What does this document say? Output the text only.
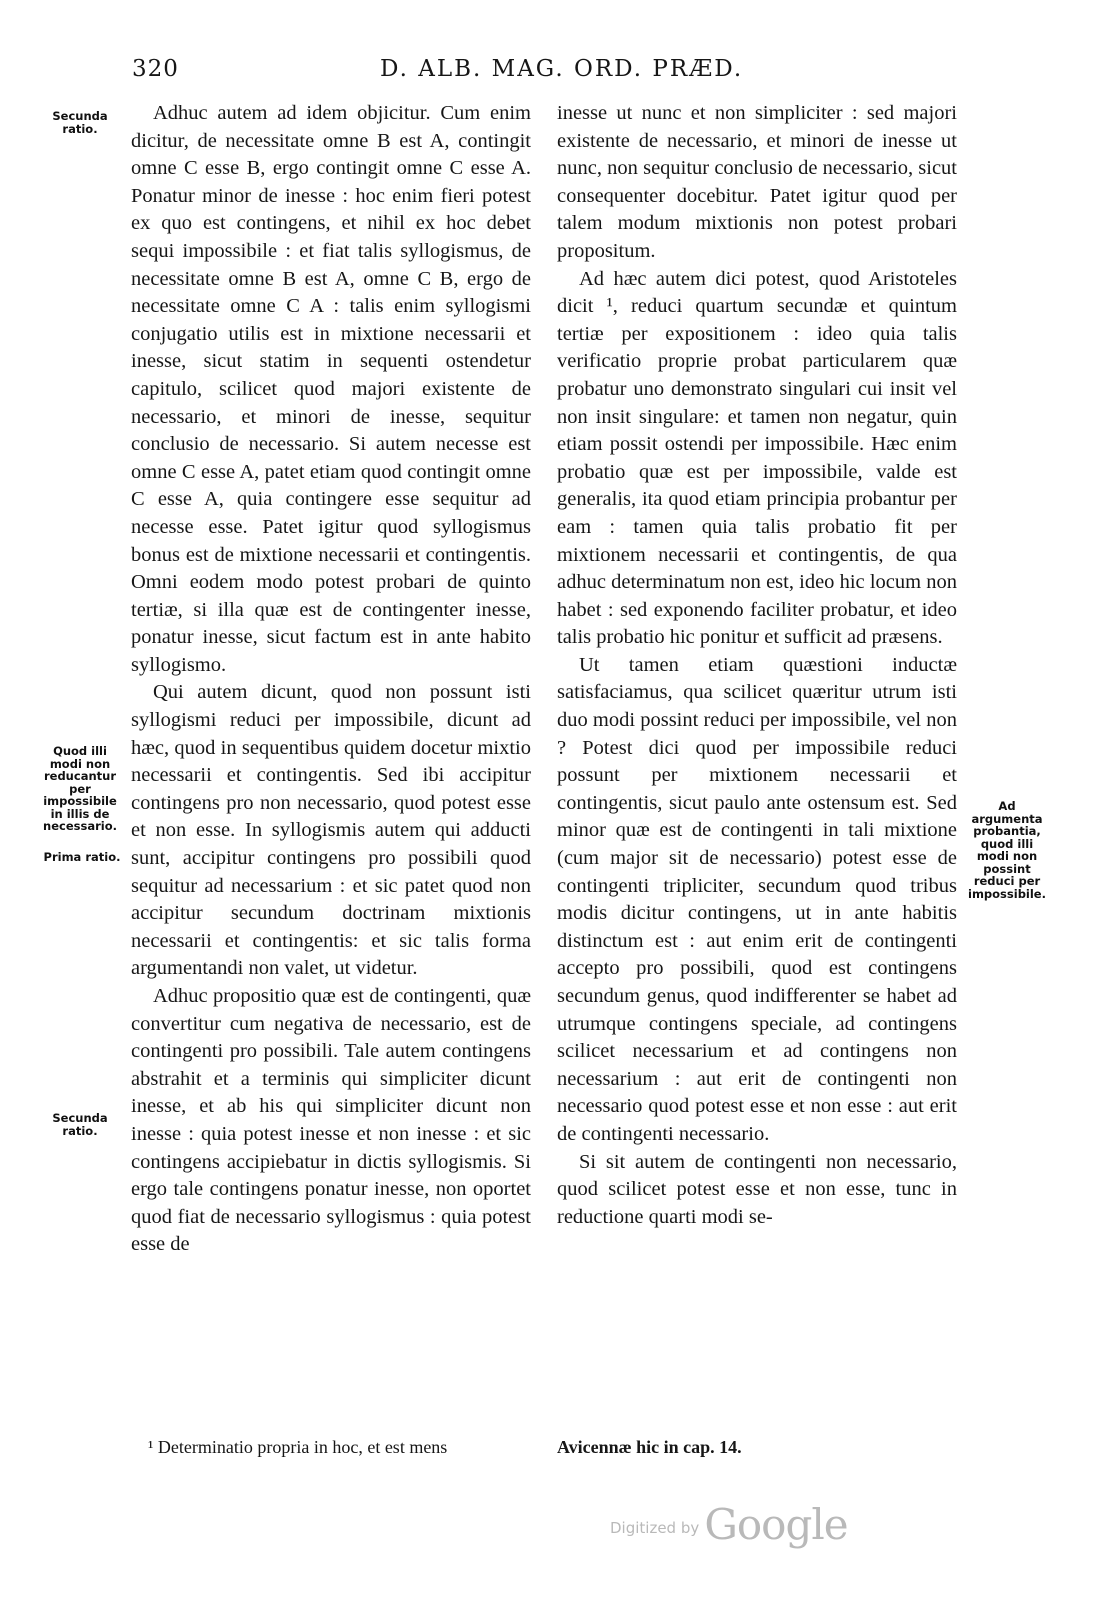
320	D. ALB. MAG. ORD. PRÆD.
Secunda ratio.
Quod illi modi non reducantur per impossibile in illis de necessario.
Prima ratio.
Secunda ratio.
Ad argumenta probantia, quod illi modi non possint reduci per impossibile.

Adhuc autem ad idem objicitur. Cum enim dicitur, de necessitate omne B est A, contingit omne C esse B, ergo contingit omne C esse A. Ponatur minor de inesse : hoc enim fieri potest ex quo est contingens, et nihil ex hoc debet sequi impossibile : et fiat talis syllogismus, de necessitate omne B est A, omne C B, ergo de necessitate omne C A : talis enim syllogismi conjugatio utilis est in mixtione necessarii et inesse, sicut statim in sequenti ostendetur capitulo, scilicet quod majori existente de necessario, et minori de inesse, sequitur conclusio de necessario. Si autem necesse est omne C esse A, patet etiam quod contingit omne C esse A, quia contingere esse sequitur ad necesse esse. Patet igitur quod syllogismus bonus est de mixtione necessarii et contingentis. Omni eodem modo potest probari de quinto tertiæ, si illa quæ est de contingenter inesse, ponatur inesse, sicut factum est in ante habito syllogismo.

Qui autem dicunt, quod non possunt isti syllogismi reduci per impossibile, dicunt ad hæc, quod in sequentibus quidem docetur mixtio necessarii et contingentis. Sed ibi accipitur contingens pro non necessario, quod potest esse et non esse. In syllogismis autem qui adducti sunt, accipitur contingens pro possibili quod sequitur ad necessarium : et sic patet quod non accipitur secundum doctrinam mixtionis necessarii et contingentis: et sic talis forma argumentandi non valet, ut videtur.

Adhuc propositio quæ est de contingenti, quæ convertitur cum negativa de necessario, est de contingenti pro possibili. Tale autem contingens abstrahit et a terminis qui simpliciter dicunt inesse, et ab his qui simpliciter dicunt non inesse : quia potest inesse et non inesse : et sic contingens accipiebatur in dictis syllogismis. Si ergo tale contingens ponatur inesse, non oportet quod fiat de necessario syllogismus : quia potest esse de

inesse ut nunc et non simpliciter : sed majori existente de necessario, et minori de inesse ut nunc, non sequitur conclusio de necessario, sicut consequenter docebitur. Patet igitur quod per talem modum mixtionis non potest probari propositum.

Ad hæc autem dici potest, quod Aristoteles dicit ¹, reduci quartum secundæ et quintum tertiæ per expositionem : ideo quia talis verificatio proprie probat particularem quæ probatur uno demonstrato singulari cui insit vel non insit singulare: et tamen non negatur, quin etiam possit ostendi per impossibile. Hæc enim probatio quæ est per impossibile, valde est generalis, ita quod etiam principia probantur per eam : tamen quia talis probatio fit per mixtionem necessarii et contingentis, de qua adhuc determinatum non est, ideo hic locum non habet : sed exponendo faciliter probatur, et ideo talis probatio hic ponitur et sufficit ad præsens.

Ut tamen etiam quæstioni inductæ satisfaciamus, qua scilicet quæritur utrum isti duo modi possint reduci per impossibile, vel non ? Potest dici quod per impossibile reduci possunt per mixtionem necessarii et contingentis, sicut paulo ante ostensum est. Sed minor quæ est de contingenti in tali mixtione (cum major sit de necessario) potest esse de contingenti tripliciter, secundum quod tribus modis dicitur contingens, ut in ante habitis distinctum est : aut enim erit de contingenti accepto pro possibili, quod est contingens secundum genus, quod indifferenter se habet ad utrumque contingens speciale, ad contingens scilicet necessarium et ad contingens non necessarium : aut erit de contingenti non necessario quod potest esse et non esse : aut erit de contingenti necessario.

Si sit autem de contingenti non necessario, quod scilicet potest esse et non esse, tunc in reductione quarti modi se-

¹ Determinatio propria in hoc, et est mens	Avicennæ hic in cap. 14.
Digitized by Google
